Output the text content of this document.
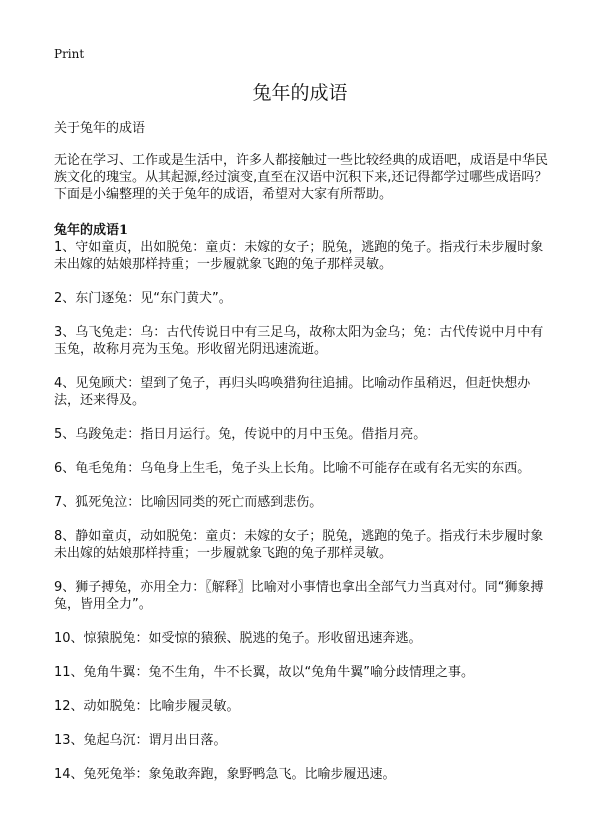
Print
兔年的成语

关于兔年的成语

无论在学习、工作或是生活中，许多人都接触过一些比较经典的成语吧，成语是中华民族文化的瑰宝。从其起源,经过演变,直至在汉语中沉积下来,还记得都学过哪些成语吗？下面是小编整理的关于兔年的成语，希望对大家有所帮助。

兔年的成语1

1、守如童贞，出如脱兔：童贞：未嫁的女子；脱兔，逃跑的兔子。指戎行未步履时象未出嫁的姑娘那样持重；一步履就象飞跑的兔子那样灵敏。
2、东门逐兔：见“东门黄犬”。
3、乌飞兔走：乌：古代传说日中有三足乌，故称太阳为金乌；兔：古代传说中月中有玉兔，故称月亮为玉兔。形收留光阴迅速流逝。
4、见兔顾犬：望到了兔子，再归头呜唤猎狗往追捕。比喻动作虽稍迟，但赶快想办法，还来得及。
5、乌踆兔走：指日月运行。兔，传说中的月中玉兔。借指月亮。
6、龟毛兔角：乌龟身上生毛，兔子头上长角。比喻不可能存在或有名无实的东西。
7、狐死兔泣：比喻因同类的死亡而感到悲伤。
8、静如童贞，动如脱兔：童贞：未嫁的女子；脱兔，逃跑的兔子。指戎行未步履时象未出嫁的姑娘那样持重；一步履就象飞跑的兔子那样灵敏。
9、狮子搏兔，亦用全力：〖解释〗比喻对小事情也拿出全部气力当真对付。同“狮象搏兔，皆用全力”。
10、惊猿脱兔：如受惊的猿猴、脱逃的兔子。形收留迅速奔逃。
11、兔角牛翼：兔不生角，牛不长翼，故以“兔角牛翼”喻分歧情理之事。
12、动如脱兔：比喻步履灵敏。
13、兔起乌沉：谓月出日落。
14、兔死兔举：象兔敢奔跑，象野鸭急飞。比喻步履迅速。
